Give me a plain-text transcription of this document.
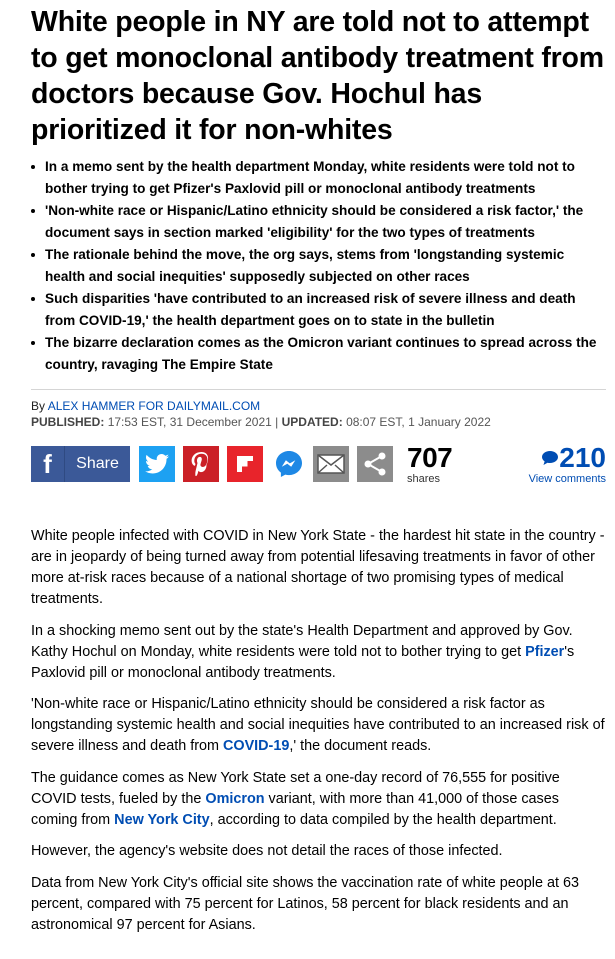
White people in NY are told not to attempt to get monoclonal antibody treatment from doctors because Gov. Hochul has prioritized it for non-whites
In a memo sent by the health department Monday, white residents were told not to bother trying to get Pfizer's Paxlovid pill or monoclonal antibody treatments
'Non-white race or Hispanic/Latino ethnicity should be considered a risk factor,' the document says in section marked 'eligibility' for the two types of treatments
The rationale behind the move, the org says, stems from 'longstanding systemic health and social inequities' supposedly subjected on other races
Such disparities 'have contributed to an increased risk of severe illness and death from COVID-19,' the health department goes on to state in the bulletin
The bizarre declaration comes as the Omicron variant continues to spread across the country, ravaging The Empire State
By ALEX HAMMER FOR DAILYMAIL.COM
PUBLISHED: 17:53 EST, 31 December 2021 | UPDATED: 08:07 EST, 1 January 2022
f	Share	707
shares
210
View comments

White people infected with COVID in New York State - the hardest hit state in the country - are in jeopardy of being turned away from potential lifesaving treatments in favor of other more at-risk races because of a national shortage of two promising types of medical treatments.

In a shocking memo sent out by the state's Health Department and approved by Gov. Kathy Hochul on Monday, white residents were told not to bother trying to get Pfizer's Paxlovid pill or monoclonal antibody treatments.

'Non-white race or Hispanic/Latino ethnicity should be considered a risk factor as longstanding systemic health and social inequities have contributed to an increased risk of severe illness and death from COVID-19,' the document reads.

The guidance comes as New York State set a one-day record of 76,555 for positive COVID tests, fueled by the Omicron variant, with more than 41,000 of those cases coming from New York City, according to data compiled by the health department.

However, the agency's website does not detail the races of those infected.

Data from New York City's official site shows the vaccination rate of white people at 63 percent, compared with 75 percent for Latinos, 58 percent for black residents and an astronomical 97 percent for Asians.
